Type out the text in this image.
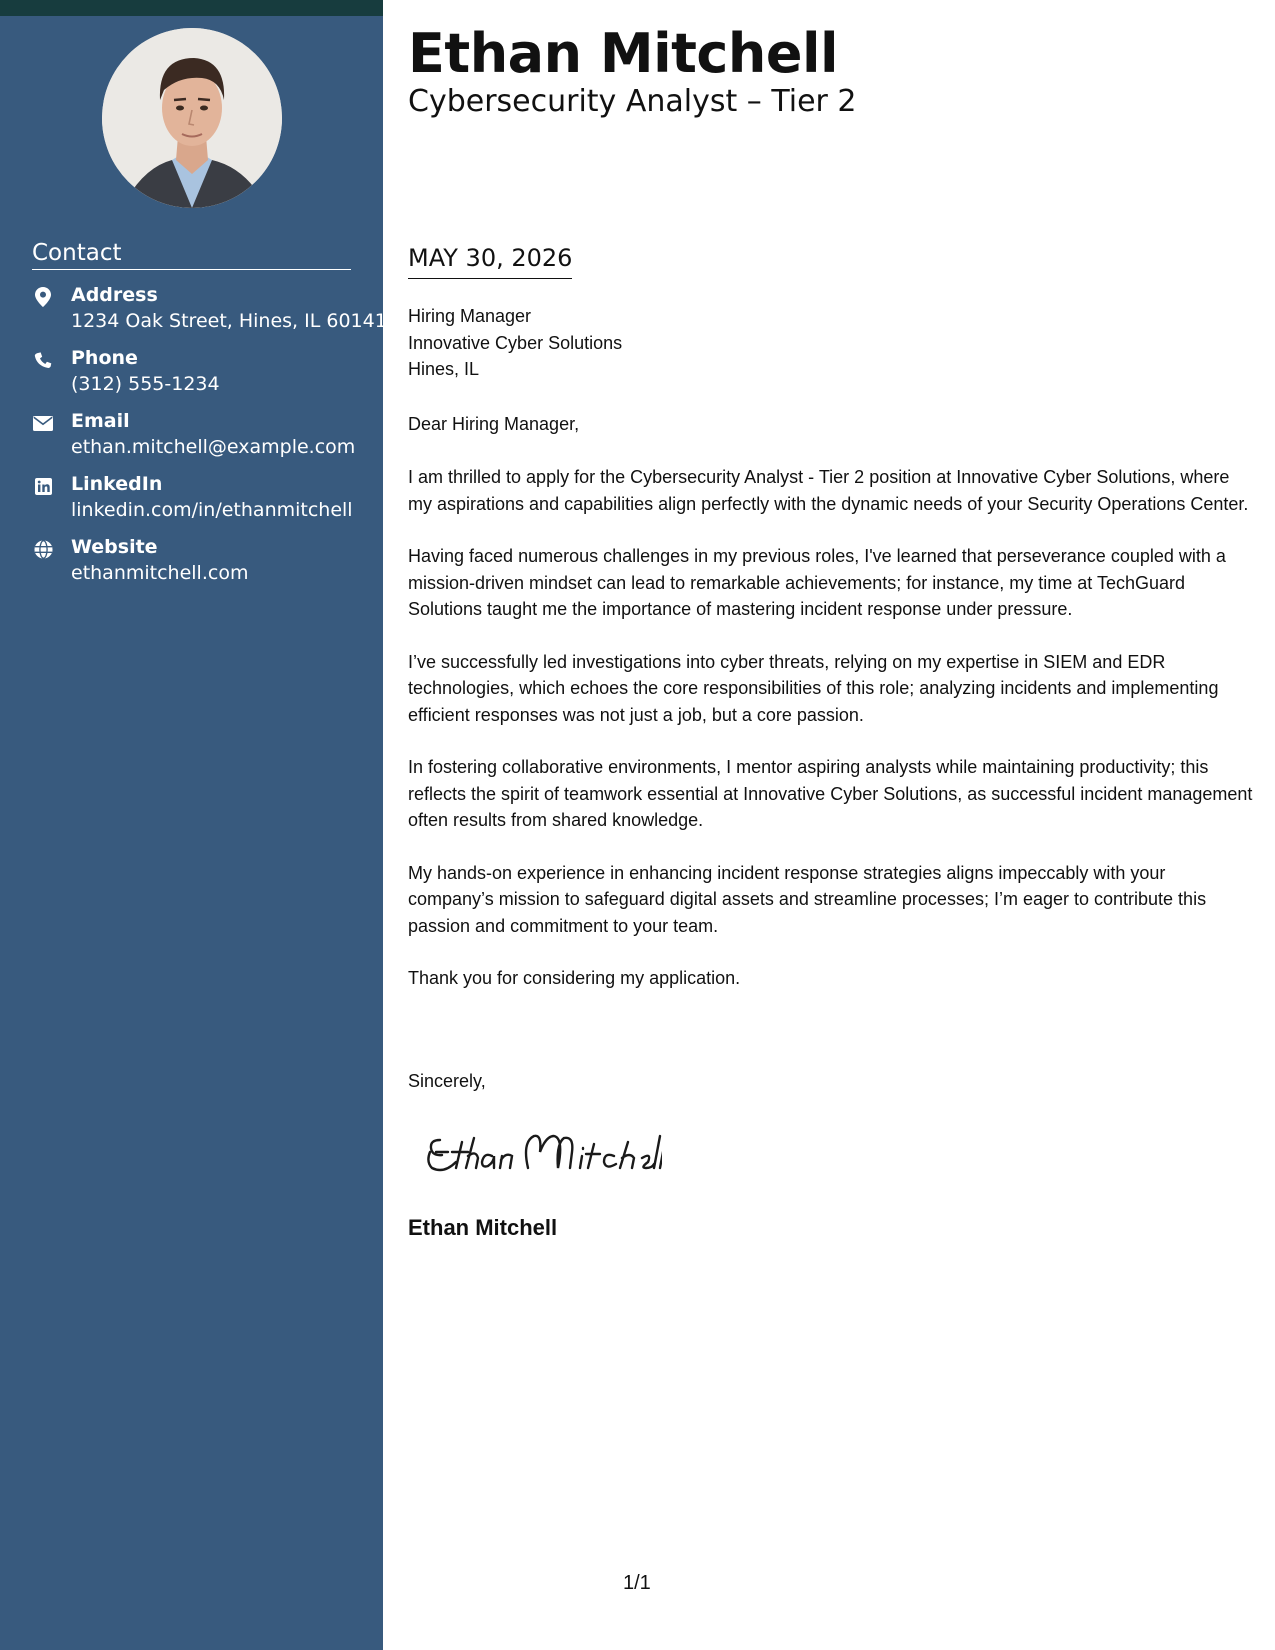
Contact
Address
1234 Oak Street, Hines, IL 60141
Phone
(312) 555-1234
Email
ethan.mitchell@example.com
LinkedIn
linkedin.com/in/ethanmitchell
Website
ethanmitchell.com
Ethan Mitchell
Cybersecurity Analyst – Tier 2
MAY 30, 2026
Hiring Manager
Innovative Cyber Solutions
Hines, IL
Dear Hiring Manager,

I am thrilled to apply for the Cybersecurity Analyst - Tier 2 position at Innovative Cyber Solutions, where my aspirations and capabilities align perfectly with the dynamic needs of your Security Operations Center.

Having faced numerous challenges in my previous roles, I've learned that perseverance coupled with a mission-driven mindset can lead to remarkable achievements; for instance, my time at TechGuard Solutions taught me the importance of mastering incident response under pressure.

I’ve successfully led investigations into cyber threats, relying on my expertise in SIEM and EDR technologies, which echoes the core responsibilities of this role; analyzing incidents and implementing efficient responses was not just a job, but a core passion.

In fostering collaborative environments, I mentor aspiring analysts while maintaining productivity; this reflects the spirit of teamwork essential at Innovative Cyber Solutions, as successful incident management often results from shared knowledge.

My hands-on experience in enhancing incident response strategies aligns impeccably with your company’s mission to safeguard digital assets and streamline processes; I’m eager to contribute this passion and commitment to your team.

Thank you for considering my application.

Sincerely,
Ethan Mitchell
1/1
